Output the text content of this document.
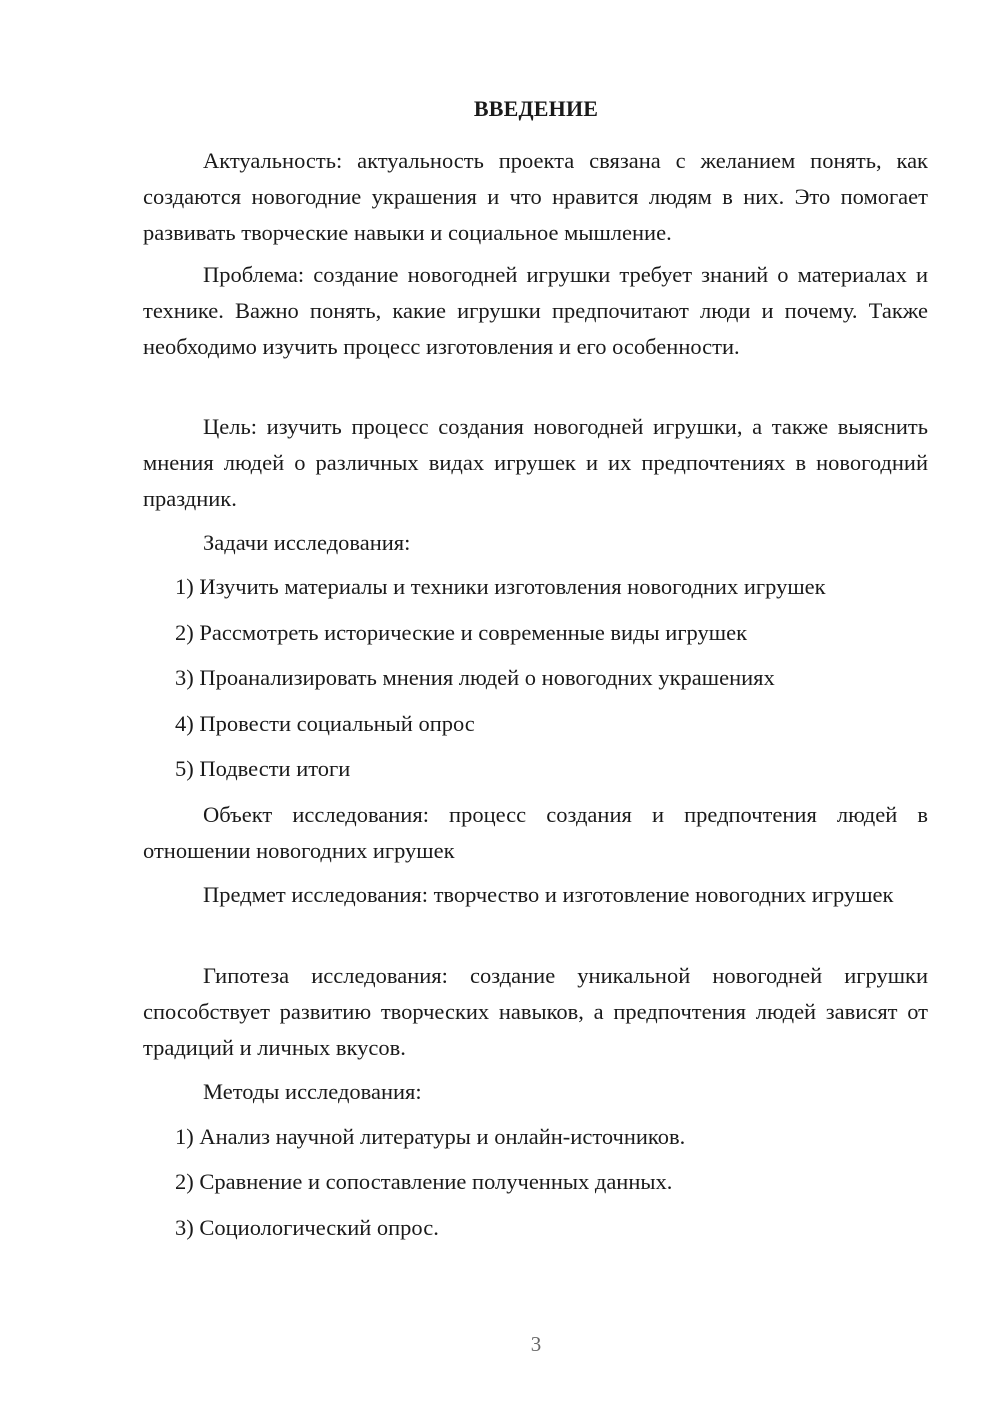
ВВЕДЕНИЕ

Актуальность: актуальность проекта связана с желанием понять, как создаются новогодние украшения и что нравится людям в них. Это помогает развивать творческие навыки и социальное мышление.

Проблема: создание новогодней игрушки требует знаний о материалах и технике. Важно понять, какие игрушки предпочитают люди и почему. Также необходимо изучить процесс изготовления и его особенности.

Цель: изучить процесс создания новогодней игрушки, а также выяснить мнения людей о различных видах игрушек и их предпочтениях в новогодний праздник.

Задачи исследования:
1) Изучить материалы и техники изготовления новогодних игрушек
2) Рассмотреть исторические и современные виды игрушек
3) Проанализировать мнения людей о новогодних украшениях
4) Провести социальный опрос
5) Подвести итоги

Объект исследования: процесс создания и предпочтения людей в отношении новогодних игрушек

Предмет исследования: творчество и изготовление новогодних игрушек

Гипотеза исследования: создание уникальной новогодней игрушки способствует развитию творческих навыков, а предпочтения людей зависят от традиций и личных вкусов.

Методы исследования:
1) Анализ научной литературы и онлайн-источников.
2) Сравнение и сопоставление полученных данных.
3) Социологический опрос.
3
